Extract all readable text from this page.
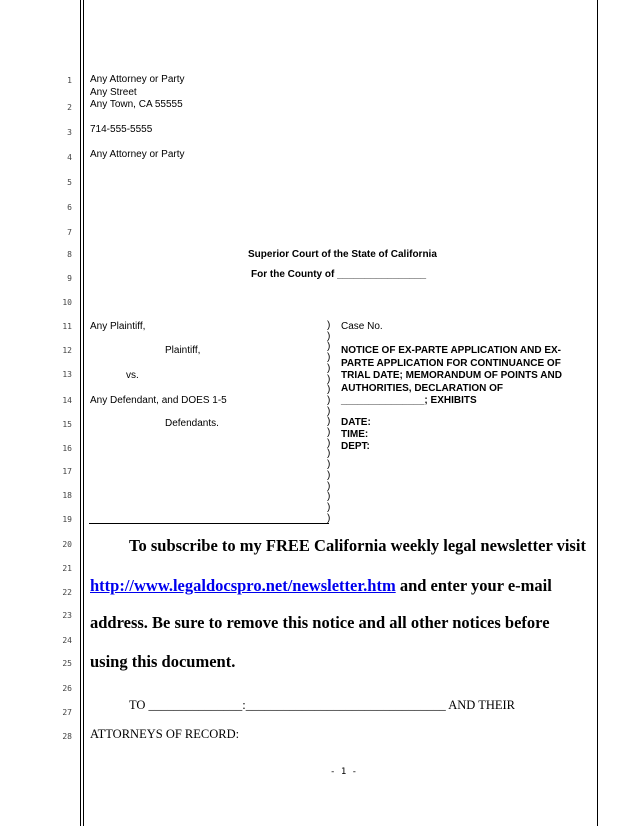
1
2
3
4
5
6
7
8
9
10
11
12
13
14
15
16
17
18
19
20
21
22
23
24
25
26
27
28
Any Attorney or Party
Any Street
Any Town, CA 55555
714-555-5555
Any Attorney or Party
Superior Court of the State of California
For the County of ________________
Any Plaintiff,
Plaintiff,
vs.
Any Defendant, and DOES 1-5
Defendants.
)
)
)
)
)
)
)
)
)
)
)
)
)
)
)
)
)
)
)
Case No.
NOTICE OF EX-PARTE APPLICATION AND EX-PARTE APPLICATION FOR CONTINUANCE OF TRIAL DATE; MEMORANDUM OF POINTS AND AUTHORITIES, DECLARATION OF
_______________; EXHIBITS
DATE:
TIME:
DEPT:
To subscribe to my FREE California weekly legal newsletter visit
http://www.legaldocspro.net/newsletter.htm and enter your e-mail
address. Be sure to remove this notice and all other notices before
using this document.
TO _______________:________________________________ AND THEIR
ATTORNEYS OF RECORD:
- 1 -
